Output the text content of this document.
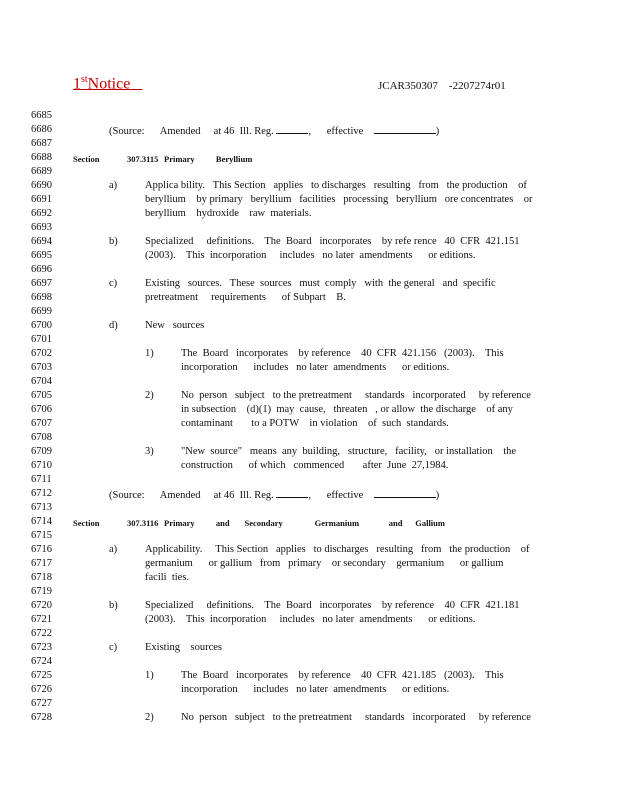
1stNotice	JCAR350307 -2207274r01
6685
6686
6687
6688
6689
6690
6691
6692
6693
6694
6695
6696
6697
6698
6699
6700
6701
6702
6703
6704
6705
6706
6707
6708
6709
6710
6711
6712
6713
6714
6715
6716
6717
6718
6719
6720
6721
6722
6723
6724
6725
6726
6727
6728
(Source:      Amended     at 46  Ill. Reg.	,      effective	)
Section	307.3115 Primary          Beryllium
a)	Applica bility.   This Section   applies   to discharges   resulting   from   the production    of
beryllium    by primary   beryllium   facilities   processing   beryllium   ore concentrates    or
beryllium    hydroxide    raw  materials.
b)	Specialized     definitions.    The  Board   incorporates    by refe rence   40  CFR  421.151
(2003).    This  incorporation     includes   no later  amendments      or editions.
c)	Existing   sources.   These  sources   must  comply   with  the general   and  specific
pretreatment     requirements      of Subpart    B.
d)	New   sources
1)	The  Board   incorporates    by reference    40  CFR  421.156   (2003).    This
incorporation      includes   no later  amendments      or editions.
2)	No  person   subject   to the pretreatment     standards   incorporated     by reference
in subsection    (d)(1)  may  cause,   threaten   , or allow  the discharge    of any
contaminant       to a POTW    in violation    of  such  standards.
3)	"New  source"   means  any  building,   structure,   facility,   or installation    the
construction      of which   commenced       after  June  27,1984.
(Source:      Amended     at 46  Ill. Reg.	,      effective	)
Section	307.3116 Primary          and       Secondary               Germanium              and      Gallium
a)	Applicability.     This Section   applies   to discharges   resulting   from   the production    of
germanium      or gallium   from   primary    or secondary    germanium      or gallium
facili  ties.
b)	Specialized     definitions.    The  Board   incorporates    by reference    40  CFR  421.181
(2003).    This  incorporation     includes   no later  amendments      or editions.
c)	Existing    sources
1)	The  Board   incorporates    by reference    40  CFR  421.185   (2003).    This
incorporation      includes   no later  amendments      or editions.
2)	No  person   subject   to the pretreatment     standards   incorporated     by reference
